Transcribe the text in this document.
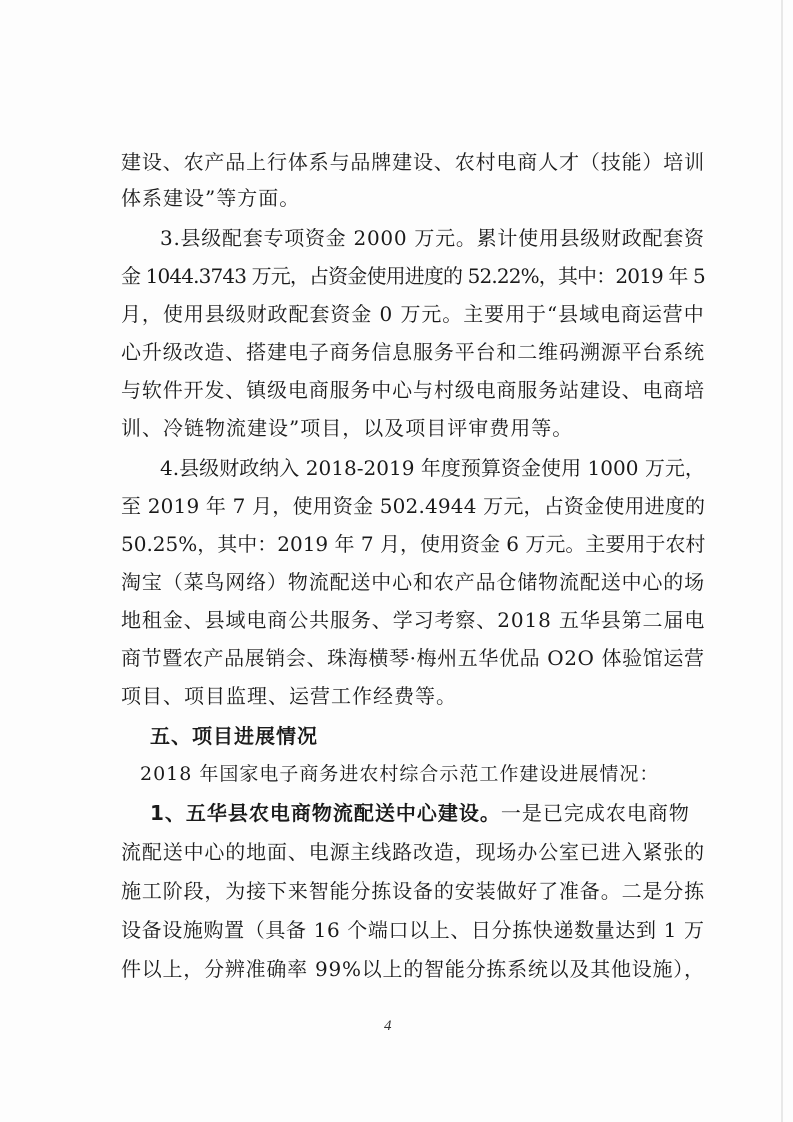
建设、农产品上行体系与品牌建设、农村电商人才（技能）培训
体系建设”等方面。
3.县级配套专项资金 2000 万元。累计使用县级财政配套资
金 1044.3743 万元，占资金使用进度的 52.22%，其中：2019 年 5
月，使用县级财政配套资金 0 万元。主要用于“县域电商运营中
心升级改造、搭建电子商务信息服务平台和二维码溯源平台系统
与软件开发、镇级电商服务中心与村级电商服务站建设、电商培
训、冷链物流建设”项目，以及项目评审费用等。
4.县级财政纳入 2018-2019 年度预算资金使用 1000 万元，
至 2019 年 7 月，使用资金 502.4944 万元，占资金使用进度的
50.25%，其中：2019 年 7 月，使用资金 6 万元。主要用于农村
淘宝（菜鸟网络）物流配送中心和农产品仓储物流配送中心的场
地租金、县域电商公共服务、学习考察、2018 五华县第二届电
商节暨农产品展销会、珠海横琴·梅州五华优品 O2O 体验馆运营
项目、项目监理、运营工作经费等。
五、项目进展情况
2018 年国家电子商务进农村综合示范工作建设进展情况：
1、五华县农电商物流配送中心建设。一是已完成农电商物
流配送中心的地面、电源主线路改造，现场办公室已进入紧张的
施工阶段，为接下来智能分拣设备的安装做好了准备。二是分拣
设备设施购置（具备 16 个端口以上、日分拣快递数量达到 1 万
件以上，分辨准确率 99%以上的智能分拣系统以及其他设施），
4
